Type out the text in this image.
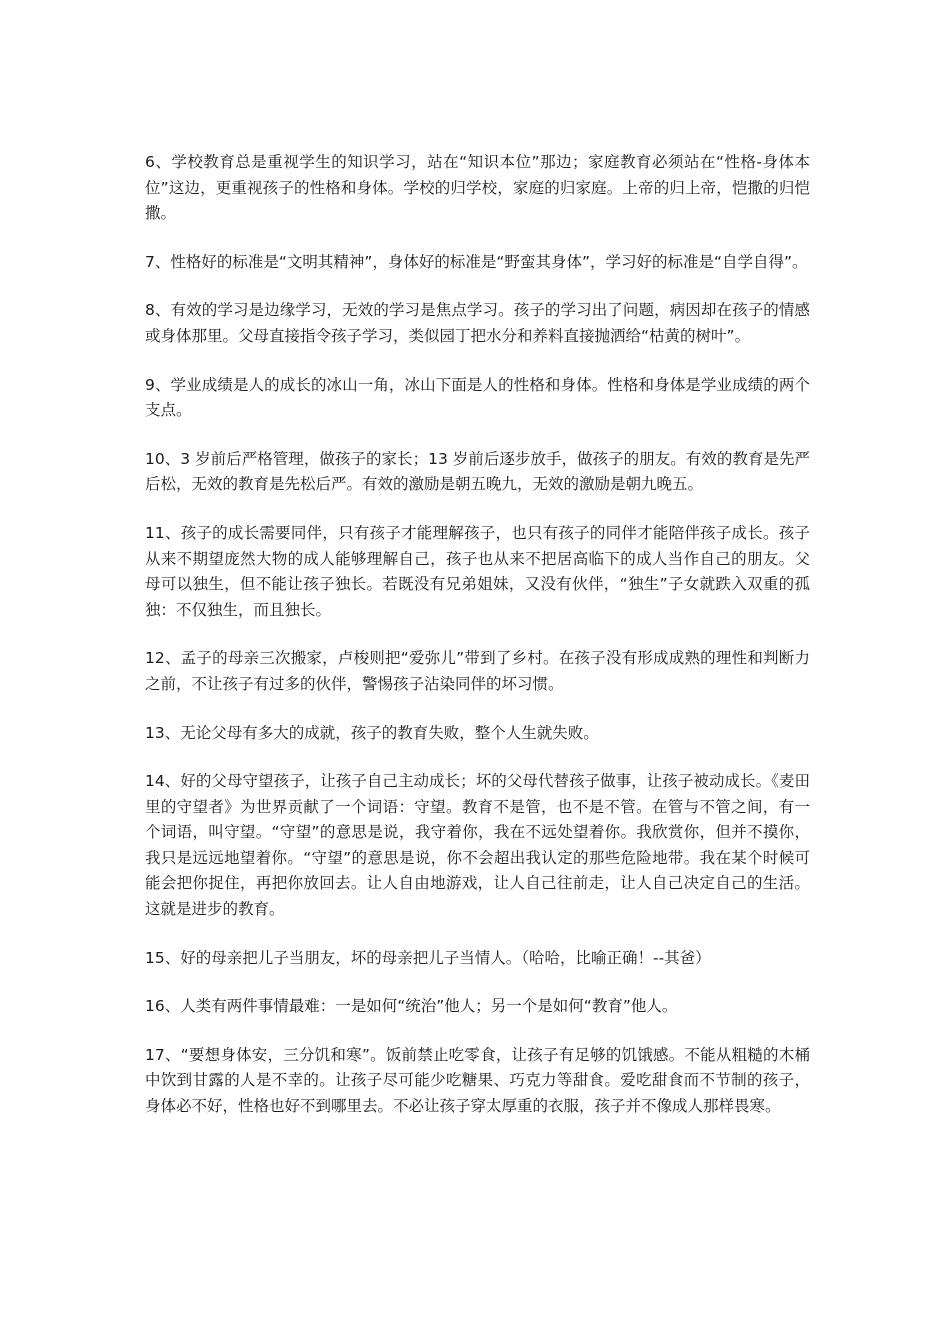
6、学校教育总是重视学生的知识学习，站在“知识本位”那边；家庭教育必须站在“性格-身体本位”这边，更重视孩子的性格和身体。学校的归学校，家庭的归家庭。上帝的归上帝，恺撒的归恺撒。

7、性格好的标准是“文明其精神”，身体好的标准是“野蛮其身体”，学习好的标准是“自学自得”。

8、有效的学习是边缘学习，无效的学习是焦点学习。孩子的学习出了问题，病因却在孩子的情感或身体那里。父母直接指令孩子学习，类似园丁把水分和养料直接抛洒给“枯黄的树叶”。

9、学业成绩是人的成长的冰山一角，冰山下面是人的性格和身体。性格和身体是学业成绩的两个支点。

10、3 岁前后严格管理，做孩子的家长；13 岁前后逐步放手，做孩子的朋友。有效的教育是先严后松，无效的教育是先松后严。有效的激励是朝五晚九，无效的激励是朝九晚五。

11、孩子的成长需要同伴，只有孩子才能理解孩子，也只有孩子的同伴才能陪伴孩子成长。孩子从来不期望庞然大物的成人能够理解自己，孩子也从来不把居高临下的成人当作自己的朋友。父母可以独生，但不能让孩子独长。若既没有兄弟姐妹，又没有伙伴，“独生”子女就跌入双重的孤独：不仅独生，而且独长。

12、孟子的母亲三次搬家，卢梭则把“爱弥儿”带到了乡村。在孩子没有形成成熟的理性和判断力之前，不让孩子有过多的伙伴，警惕孩子沾染同伴的坏习惯。

13、无论父母有多大的成就，孩子的教育失败，整个人生就失败。

14、好的父母守望孩子，让孩子自己主动成长；坏的父母代替孩子做事，让孩子被动成长。《麦田里的守望者》为世界贡献了一个词语：守望。教育不是管，也不是不管。在管与不管之间，有一个词语，叫守望。“守望”的意思是说，我守着你，我在不远处望着你。我欣赏你，但并不摸你，我只是远远地望着你。“守望”的意思是说，你不会超出我认定的那些危险地带。我在某个时候可能会把你捉住，再把你放回去。让人自由地游戏，让人自己往前走，让人自己决定自己的生活。这就是进步的教育。

15、好的母亲把儿子当朋友，坏的母亲把儿子当情人。（哈哈，比喻正确！--其爸）

16、人类有两件事情最难：一是如何“统治”他人；另一个是如何“教育”他人。

17、“要想身体安，三分饥和寒”。饭前禁止吃零食，让孩子有足够的饥饿感。不能从粗糙的木桶中饮到甘露的人是不幸的。让孩子尽可能少吃糖果、巧克力等甜食。爱吃甜食而不节制的孩子，身体必不好，性格也好不到哪里去。不必让孩子穿太厚重的衣服，孩子并不像成人那样畏寒。
